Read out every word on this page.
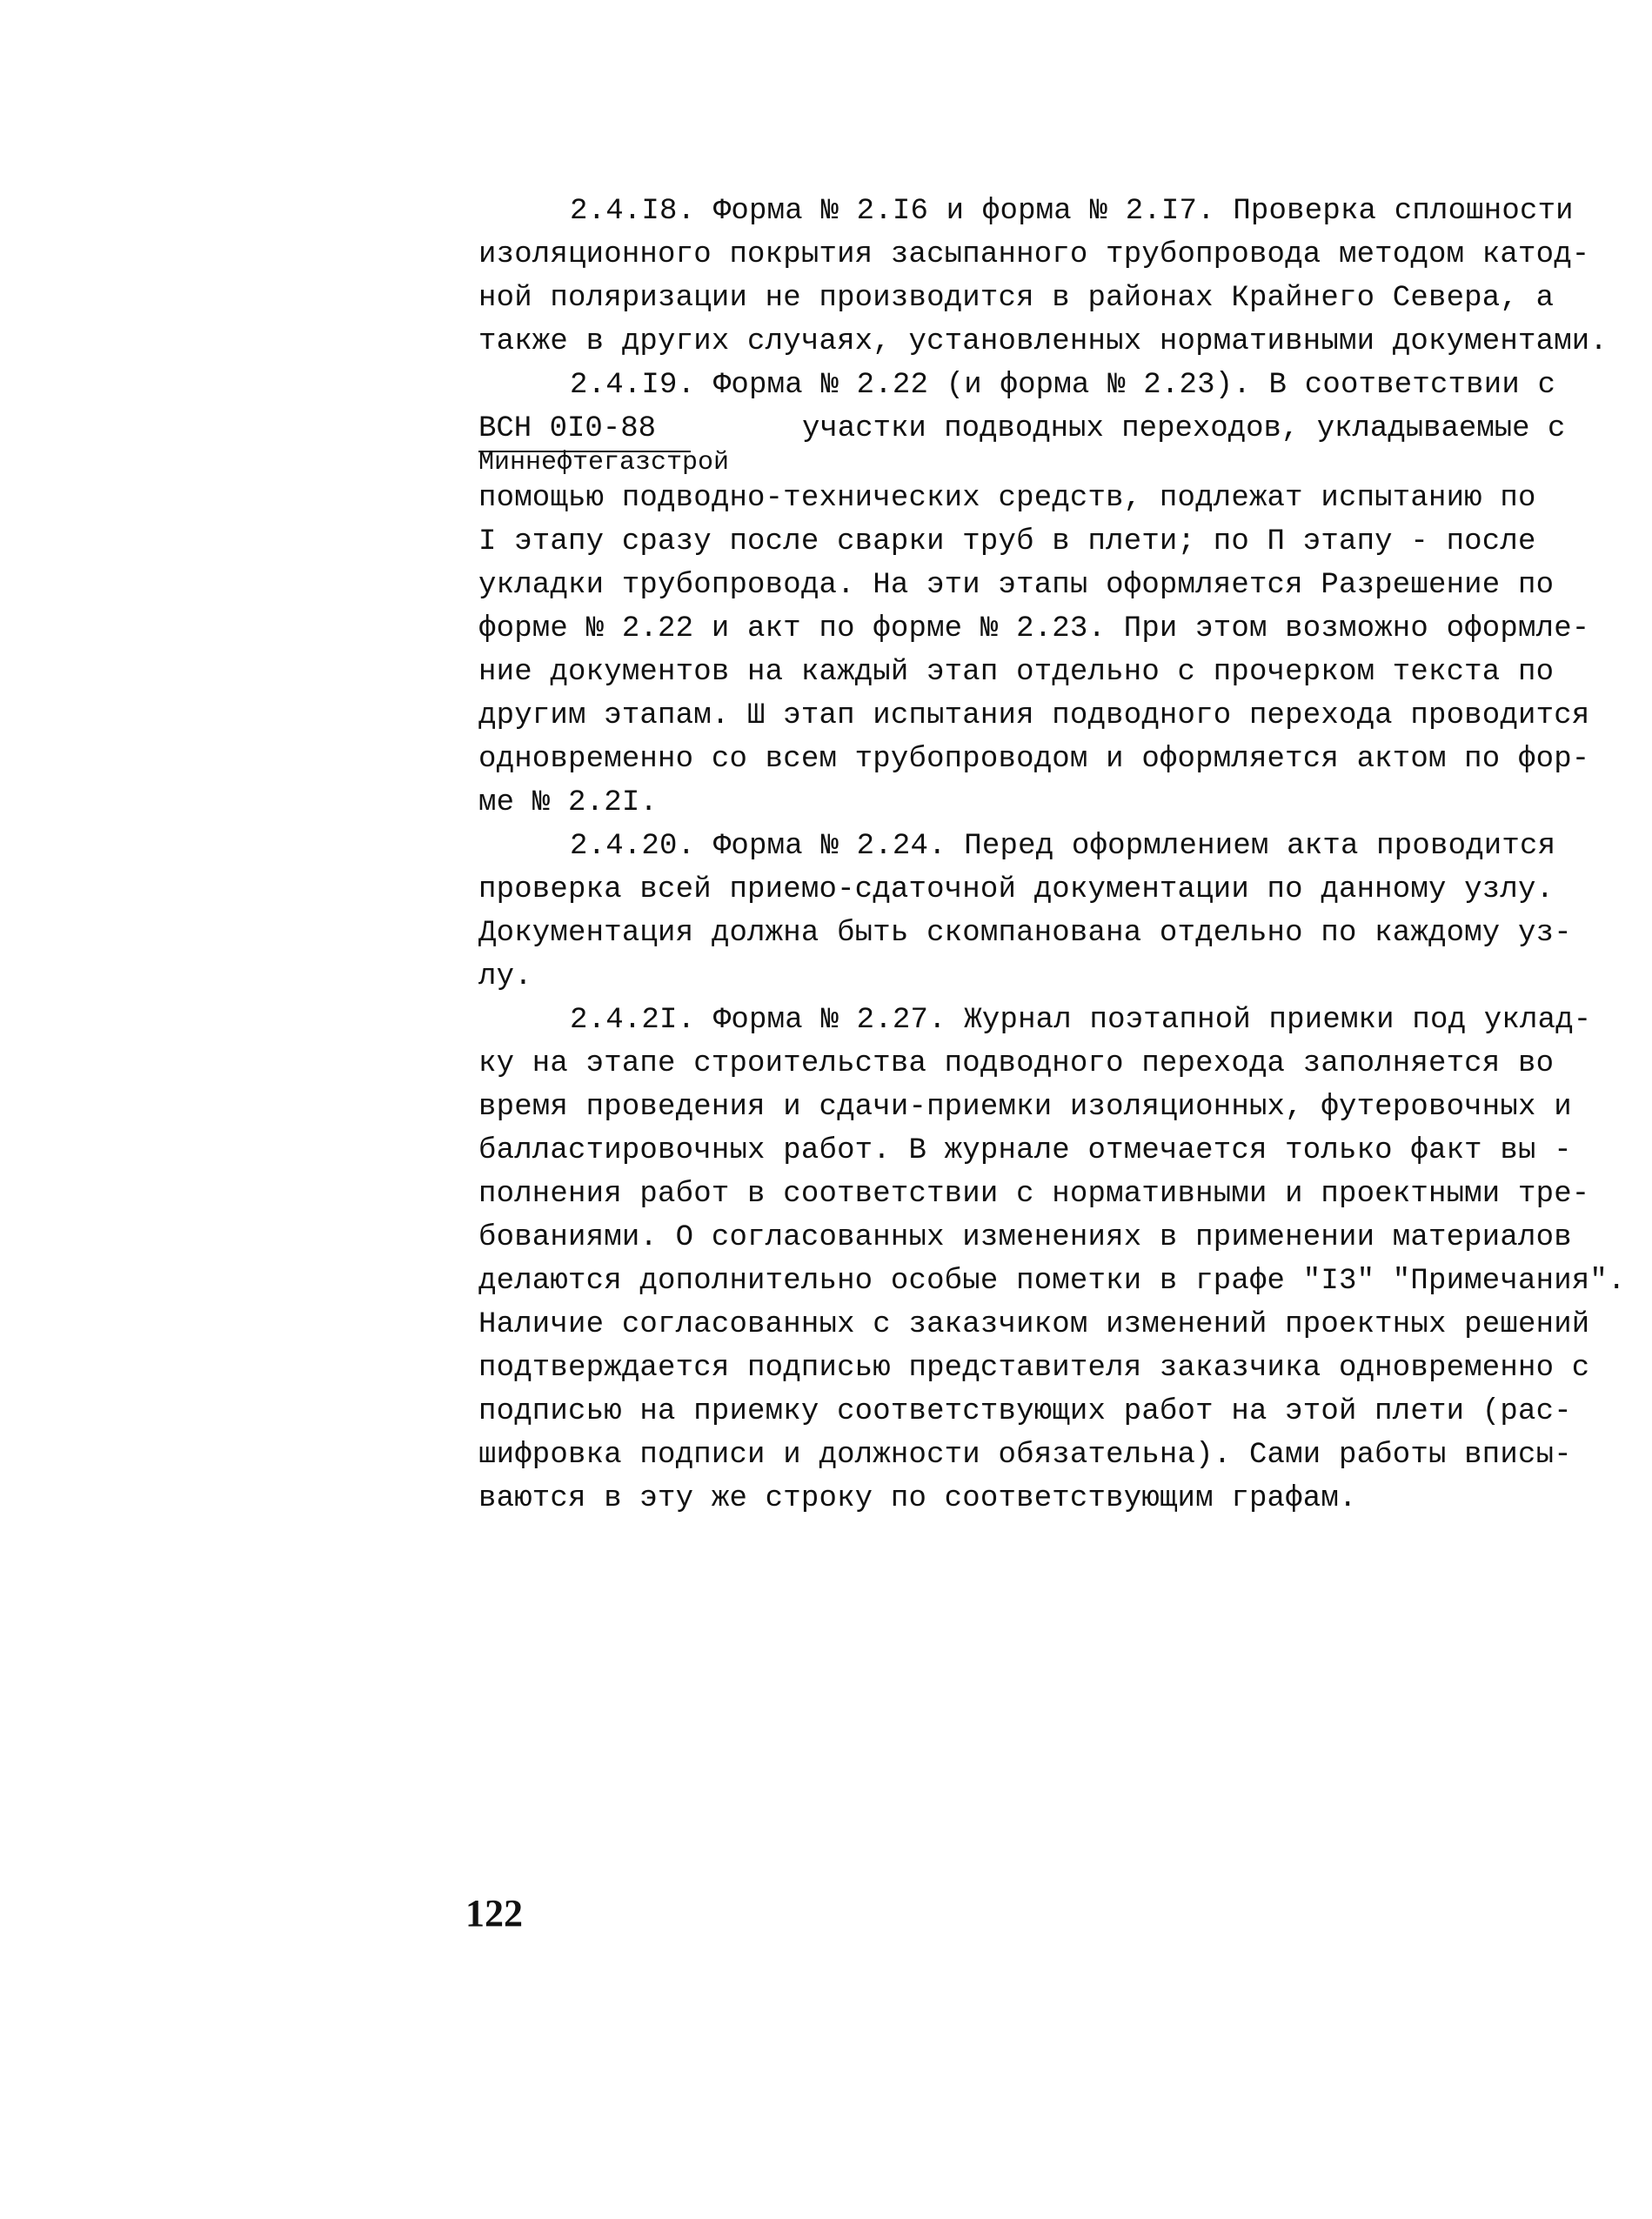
2.4.I8. Форма № 2.I6 и форма № 2.I7. Проверка сплошности
изоляционного покрытия засыпанного трубопровода методом катод-
ной поляризации не производится в районах Крайнего Севера, а
также в других случаях, установленных нормативными документами.
2.4.I9. Форма № 2.22 (и форма № 2.23). В соответствии с
ВСН 0I0-88
Миннефтегазстрой
участки подводных переходов, укладываемые с
помощью подводно-технических средств, подлежат испытанию по
I этапу сразу после сварки труб в плети; по П этапу - после
укладки трубопровода. На эти этапы оформляется Разрешение по
форме № 2.22 и акт по форме № 2.23. При этом возможно оформле-
ние документов на каждый этап отдельно с прочерком текста по
другим этапам. Ш этап испытания подводного перехода проводится
одновременно со всем трубопроводом и оформляется актом по фор-
ме № 2.2I.
2.4.20. Форма № 2.24. Перед оформлением акта проводится
проверка всей приемо-сдаточной документации по данному узлу.
Документация должна быть скомпанована отдельно по каждому уз-
лу.
2.4.2I. Форма № 2.27. Журнал поэтапной приемки под уклад-
ку на этапе строительства подводного перехода заполняется во
время проведения и сдачи-приемки изоляционных, футеровочных и
балластировочных работ. В журнале отмечается только факт вы -
полнения работ в соответствии с нормативными и проектными тре-
бованиями. О согласованных изменениях в применении материалов
делаются дополнительно особые пометки в графе "I3" "Примечания".
Наличие согласованных с заказчиком изменений проектных решений
подтверждается подписью представителя заказчика одновременно с
подписью на приемку соответствующих работ на этой плети (рас-
шифровка подписи и должности обязательна). Сами работы вписы-
ваются в эту же строку по соответствующим графам.
122
